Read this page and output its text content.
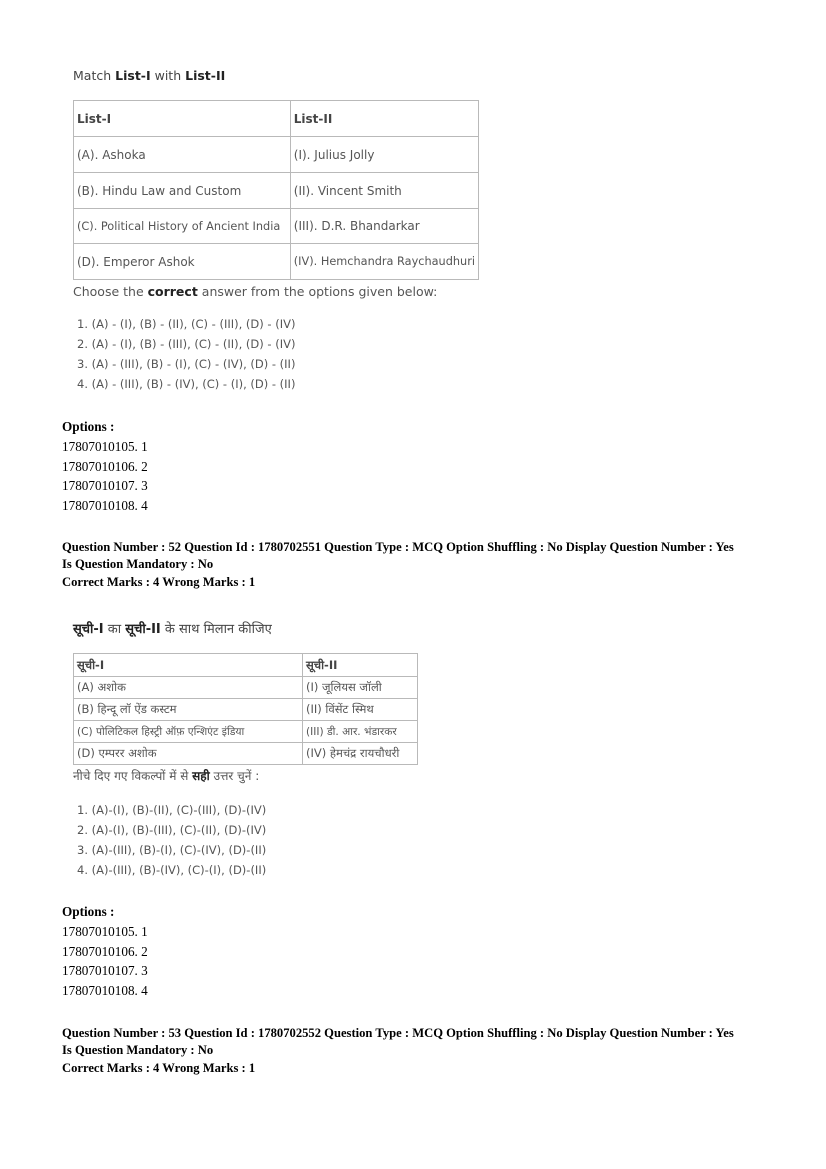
Match List-I with List-II
List-I	List-II
(A). Ashoka	(I). Julius Jolly
(B). Hindu Law and Custom	(II). Vincent Smith
(C). Political History of Ancient India	(III). D.R. Bhandarkar
(D). Emperor Ashok	(IV). Hemchandra Raychaudhuri
Choose the correct answer from the options given below:
1. (A) - (I), (B) - (II), (C) - (III), (D) - (IV)
2. (A) - (I), (B) - (III), (C) - (II), (D) - (IV)
3. (A) - (III), (B) - (I), (C) - (IV), (D) - (II)
4. (A) - (III), (B) - (IV), (C) - (I), (D) - (II)
Options :
17807010105. 1
17807010106. 2
17807010107. 3
17807010108. 4
Question Number : 52 Question Id : 1780702551 Question Type : MCQ Option Shuffling : No Display Question Number : Yes
Is Question Mandatory : No
Correct Marks : 4 Wrong Marks : 1
सूची-I का सूची-II के साथ मिलान कीजिए
सूची-I	सूची-II
(A) अशोक	(I) जूलियस जॉली
(B) हिन्दू लॉ ऐंड कस्टम	(II) विंसेंट स्मिथ
(C) पोलिटिकल हिस्ट्री ऑफ़ एन्शिएंट इंडिया	(III) डी. आर. भंडारकर
(D) एम्परर अशोक	(IV) हेमचंद्र रायचौधरी
नीचे दिए गए विकल्पों में से सही उत्तर चुनें :
1. (A)-(I), (B)-(II), (C)-(III), (D)-(IV)
2. (A)-(I), (B)-(III), (C)-(II), (D)-(IV)
3. (A)-(III), (B)-(I), (C)-(IV), (D)-(II)
4. (A)-(III), (B)-(IV), (C)-(I), (D)-(II)
Options :
17807010105. 1
17807010106. 2
17807010107. 3
17807010108. 4
Question Number : 53 Question Id : 1780702552 Question Type : MCQ Option Shuffling : No Display Question Number : Yes
Is Question Mandatory : No
Correct Marks : 4 Wrong Marks : 1
